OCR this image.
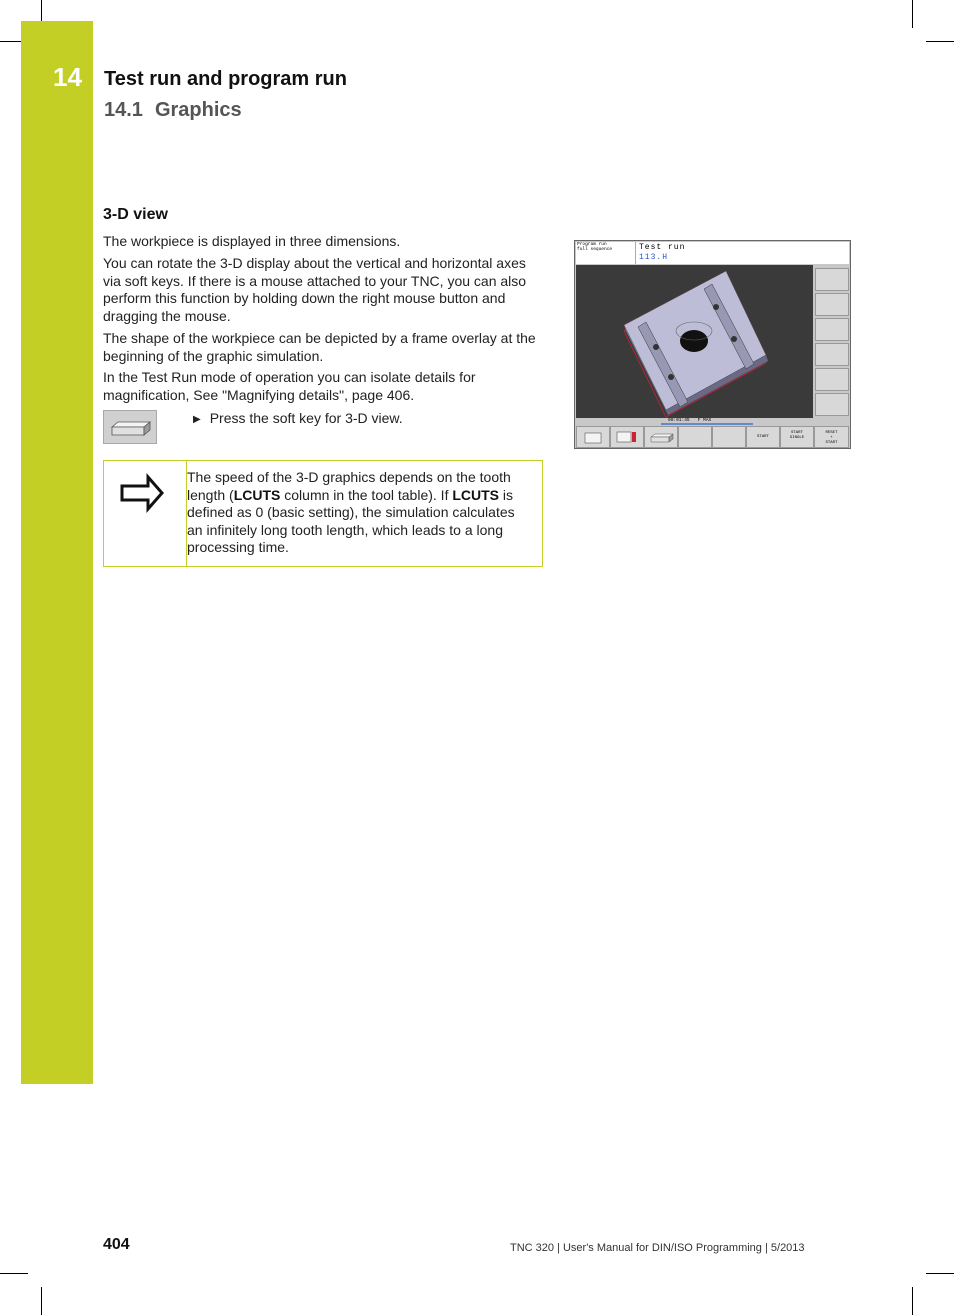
14 Test run and program run
14.1 Graphics
3-D view

The workpiece is displayed in three dimensions.

You can rotate the 3-D display about the vertical and horizontal axes via soft keys. If there is a mouse attached to your TNC, you can also perform this function by holding down the right mouse button and dragging the mouse.

The shape of the workpiece can be depicted by a frame overlay at the beginning of the graphic simulation.

In the Test Run mode of operation you can isolate details for magnification, See "Magnifying details", page 406.

▶ Press the soft key for 3-D view.
The speed of the 3-D graphics depends on the tooth length (LCUTS column in the tool table). If LCUTS is defined as 0 (basic setting), the simulation calculates an infinitely long tooth length, which leads to a long processing time.
Program run
full sequence	Test run
113.H
00:01:45 F MAX
START
START
SINGLE
RESET
+
START
404	TNC 320 | User's Manual for DIN/ISO Programming | 5/2013
